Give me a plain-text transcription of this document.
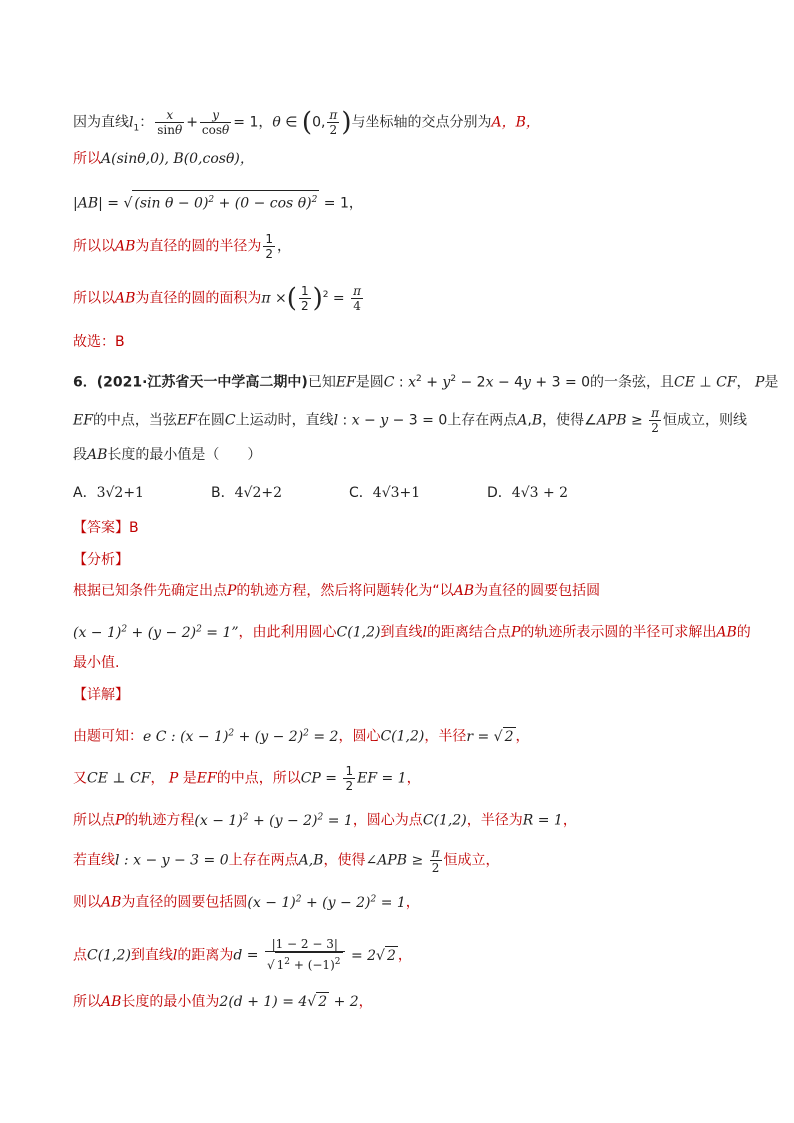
因为直线$l_1$： $\frac{x}{\sin\theta} + \frac{y}{\cos\theta} = 1$，θ ∈ (0, $\frac{\pi}{2}$ )与坐标轴的交点分别为A，B，
所以A(sinθ,0), B(0,cosθ)，
|AB| = √ (sin $\theta - 0)^2 + (0 - \cos \theta)^2 = 1$，
所以以AB为直径的圆的半径为 $\frac{1}{2}$ ，
所以以AB为直径的圆的面积为π ×( $\frac{1}{2} )^2 = \frac{\pi}{4}$
故选：B
6．(2021·江苏省天一中学高二期中)已知EF是圆C : $x^2 + y^2 - 2x - 4y + 3 = 0$的一条弦，且CE ⊥ CF， P是
EF的中点，当弦EF在圆C上运动时，直线l : x − y − 3 = 0上存在两点A,B，使得∠APB ≥ $\frac{\pi}{2}$ 恒成立，则线
段AB长度的最小值是（　　）
A．3√2+1	B．4√2+2	C．4√3+1	D．4√3 + 2
【答案】B
【分析】
根据已知条件先确定出点P的轨迹方程，然后将问题转化为“以AB为直径的圆要包括圆
$(x - 1)^2 + (y - 2)^2 = 1$”，由此利用圆心C(1,2)到直线l的距离结合点P的轨迹所表示圆的半径可求解出AB的
最小值.
【详解】
由题可知：e C : $(x - 1)^2 + (y - 2)^2 = 2$，圆心C(1,2)，半径r = √ 2 ，
又CE ⊥ CF， P 是EF的中点，所以CP = $\frac{1}{2}$ EF = 1，
所以点P的轨迹方程$(x - 1)^2 + (y - 2)^2 = 1$，圆心为点C(1,2)，半径为R = 1，
若直线l : x − y − 3 = 0上存在两点A,B，使得∠APB ≥ $\frac{\pi}{2}$ 恒成立，
则以AB为直径的圆要包括圆$(x - 1)^2 + (y - 2)^2 = 1$，
点C(1,2)到直线l的距离为$d = \frac{|1 - 2 - 3|}{√ 1^2 + (-1)^2} = 2√$ 2 ，
所以AB长度的最小值为2(d + 1) = 4√ 2 + 2，
